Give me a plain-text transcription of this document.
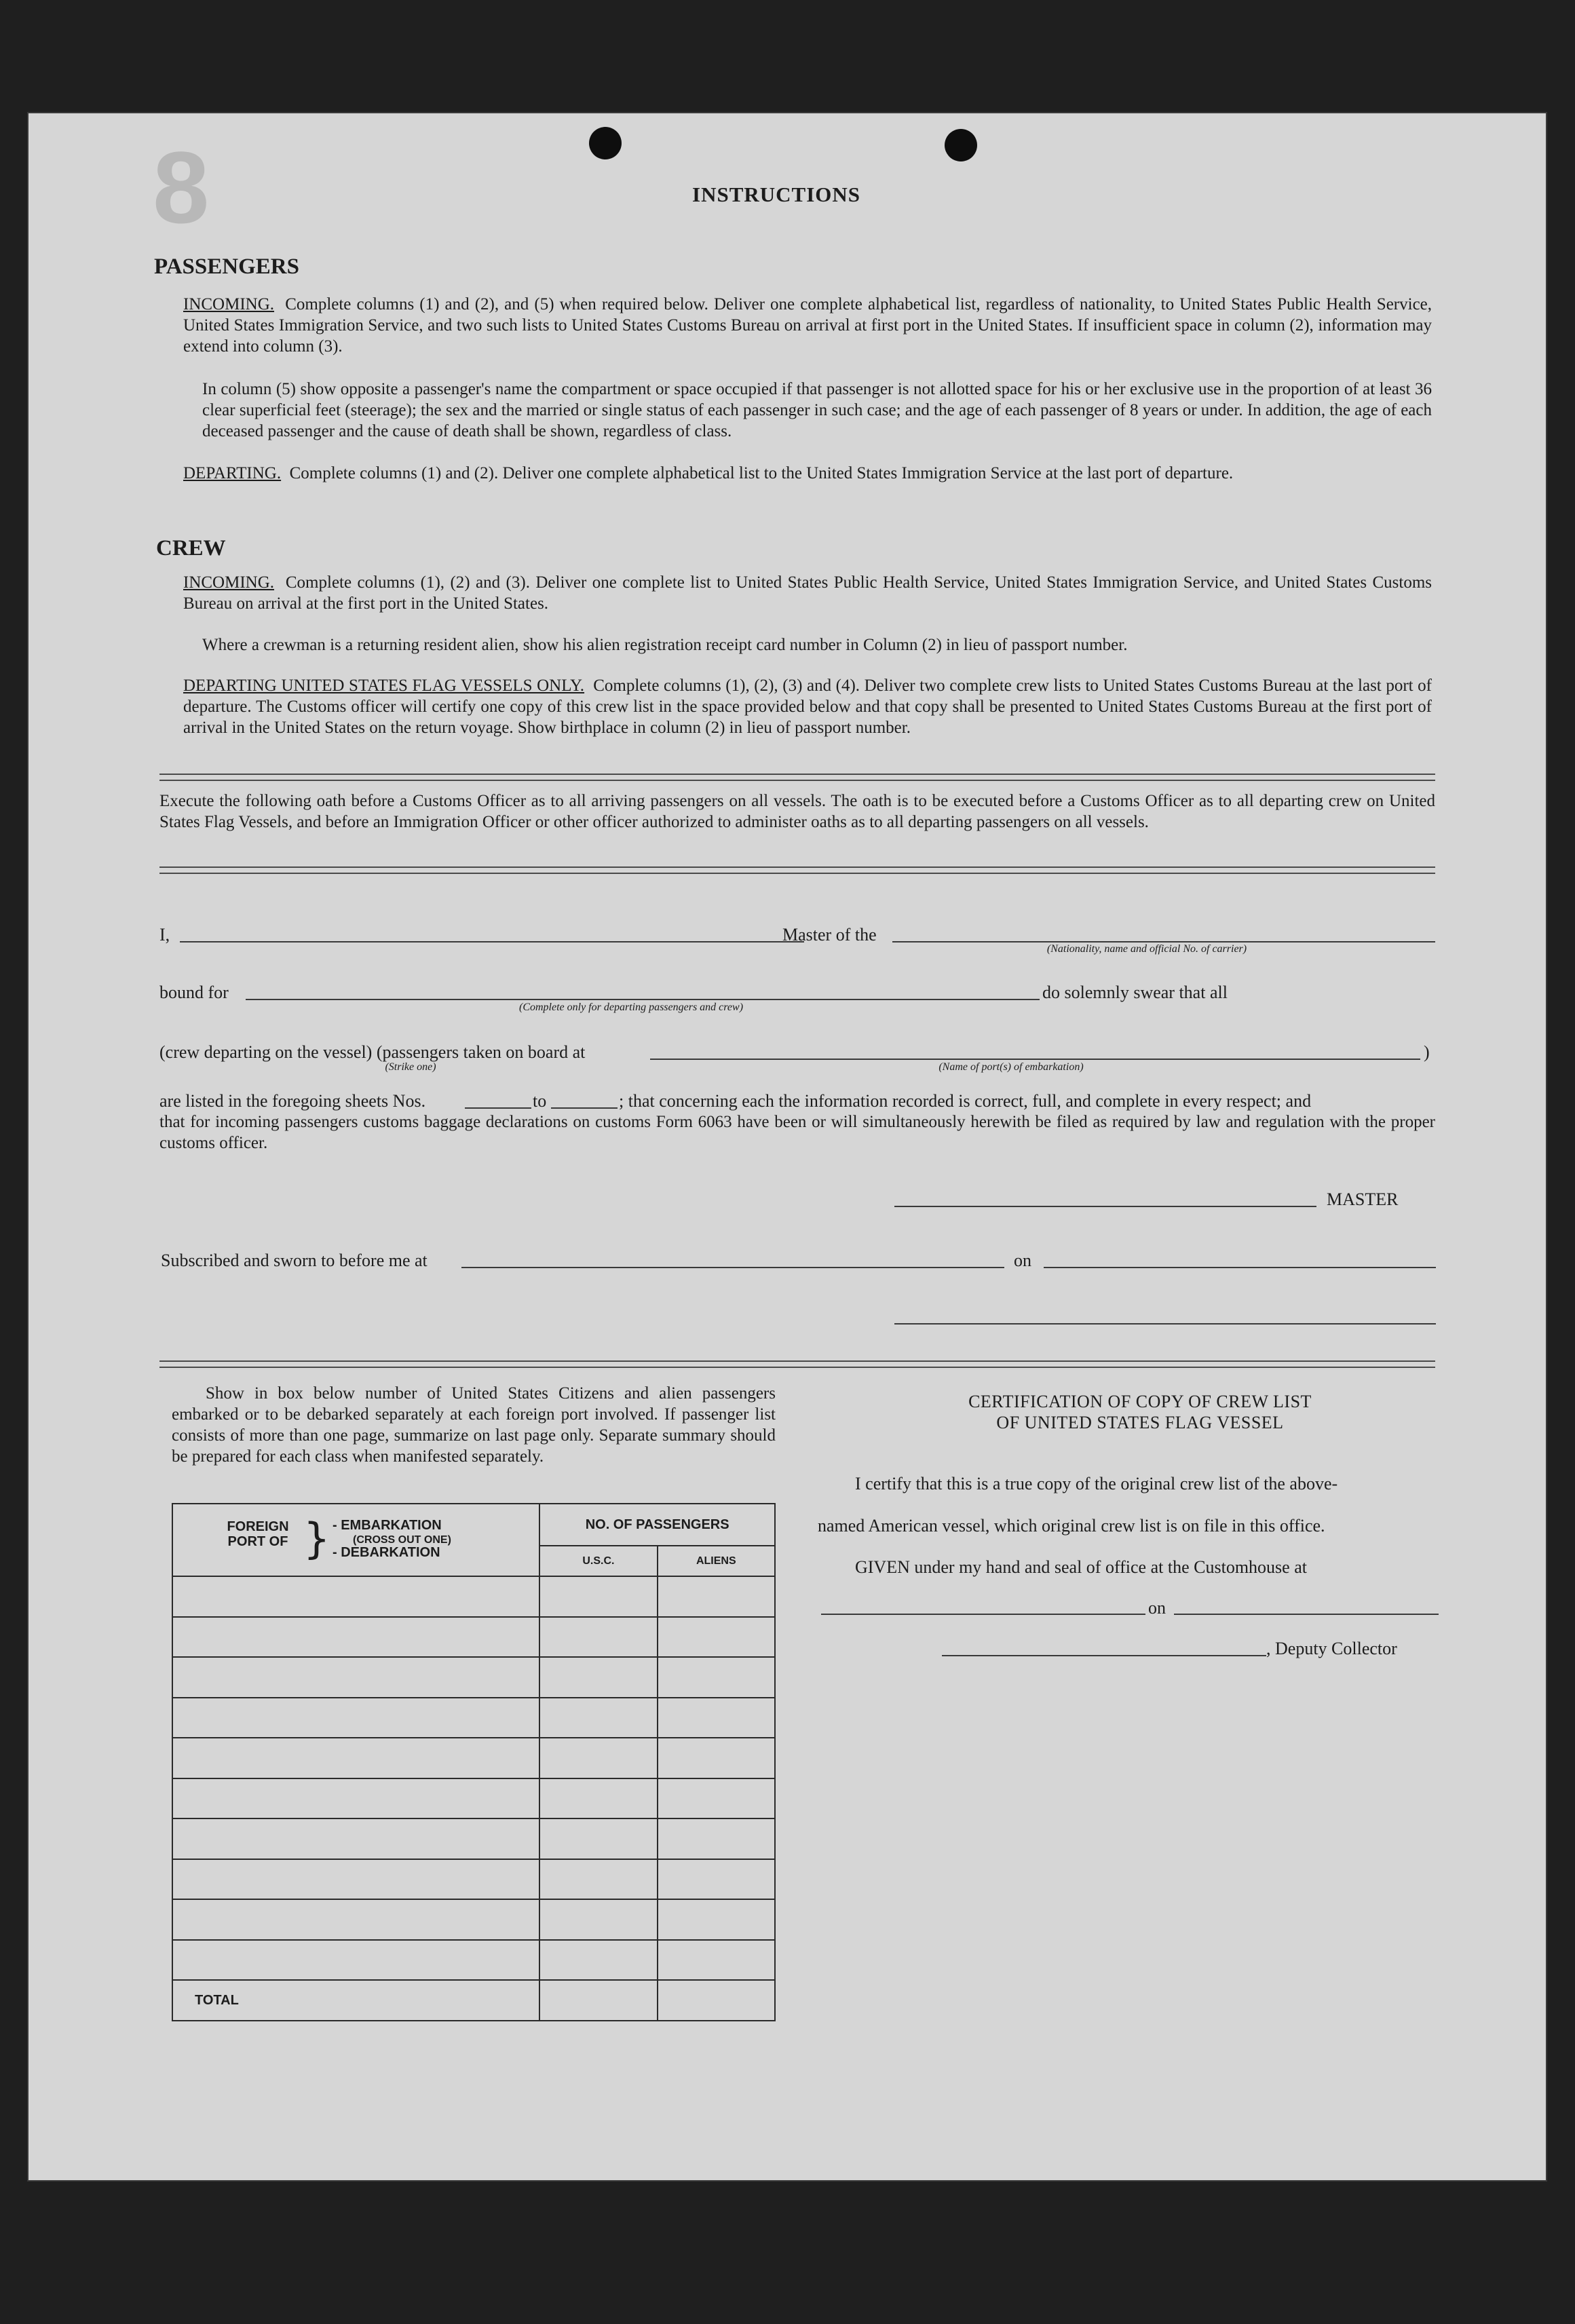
8	INSTRUCTIONS
PASSENGERS
INCOMING. Complete columns (1) and (2), and (5) when required below. Deliver one complete alphabetical list, regardless of nationality, to United States Public Health Service, United States Immigration Service, and two such lists to United States Customs Bureau on arrival at first port in the United States. If insufficient space in column (2), information may extend into column (3).
In column (5) show opposite a passenger's name the compartment or space occupied if that passenger is not allotted space for his or her exclusive use in the proportion of at least 36 clear superficial feet (steerage); the sex and the married or single status of each passenger in such case; and the age of each passenger of 8 years or under. In addition, the age of each deceased passenger and the cause of death shall be shown, regardless of class.
DEPARTING. Complete columns (1) and (2). Deliver one complete alphabetical list to the United States Immigration Service at the last port of departure.
CREW
INCOMING. Complete columns (1), (2) and (3). Deliver one complete list to United States Public Health Service, United States Immigration Service, and United States Customs Bureau on arrival at the first port in the United States.
Where a crewman is a returning resident alien, show his alien registration receipt card number in Column (2) in lieu of passport number.
DEPARTING UNITED STATES FLAG VESSELS ONLY. Complete columns (1), (2), (3) and (4). Deliver two complete crew lists to United States Customs Bureau at the last port of departure. The Customs officer will certify one copy of this crew list in the space provided below and that copy shall be presented to United States Customs Bureau at the first port of arrival in the United States on the return voyage. Show birthplace in column (2) in lieu of passport number.
Execute the following oath before a Customs Officer as to all arriving passengers on all vessels. The oath is to be executed before a Customs Officer as to all departing crew on United States Flag Vessels, and before an Immigration Officer or other officer authorized to administer oaths as to all departing passengers on all vessels.
I,	Master of the
(Nationality, name and official No. of carrier)
bound for
(Complete only for departing passengers and crew)
do solemnly swear that all
(crew departing on the vessel) (passengers taken on board at
(Strike one)
)
(Name of port(s) of embarkation)
are listed in the foregoing sheets Nos.	to	; that concerning each the information recorded is correct, full, and complete in every respect; and
that for incoming passengers customs baggage declarations on customs Form 6063 have been or will simultaneously herewith be filed as required by law and regulation with the proper customs officer.
MASTER
Subscribed and sworn to before me at	on
Show in box below number of United States Citizens and alien passengers embarked or to be debarked separately at each foreign port involved. If passenger list consists of more than one page, summarize on last page only. Separate summary should be prepared for each class when manifested separately.
FOREIGN PORT OF } - EMBARKATION
(CROSS OUT ONE)
- DEBARKATION	NO. OF PASSENGERS	
	U.S.C.	ALIENS

TOTAL		
CERTIFICATION OF COPY OF CREW LIST
OF UNITED STATES FLAG VESSEL
I certify that this is a true copy of the original crew list of the above-
named American vessel, which original crew list is on file in this office.
GIVEN under my hand and seal of office at the Customhouse at
on
, Deputy Collector
